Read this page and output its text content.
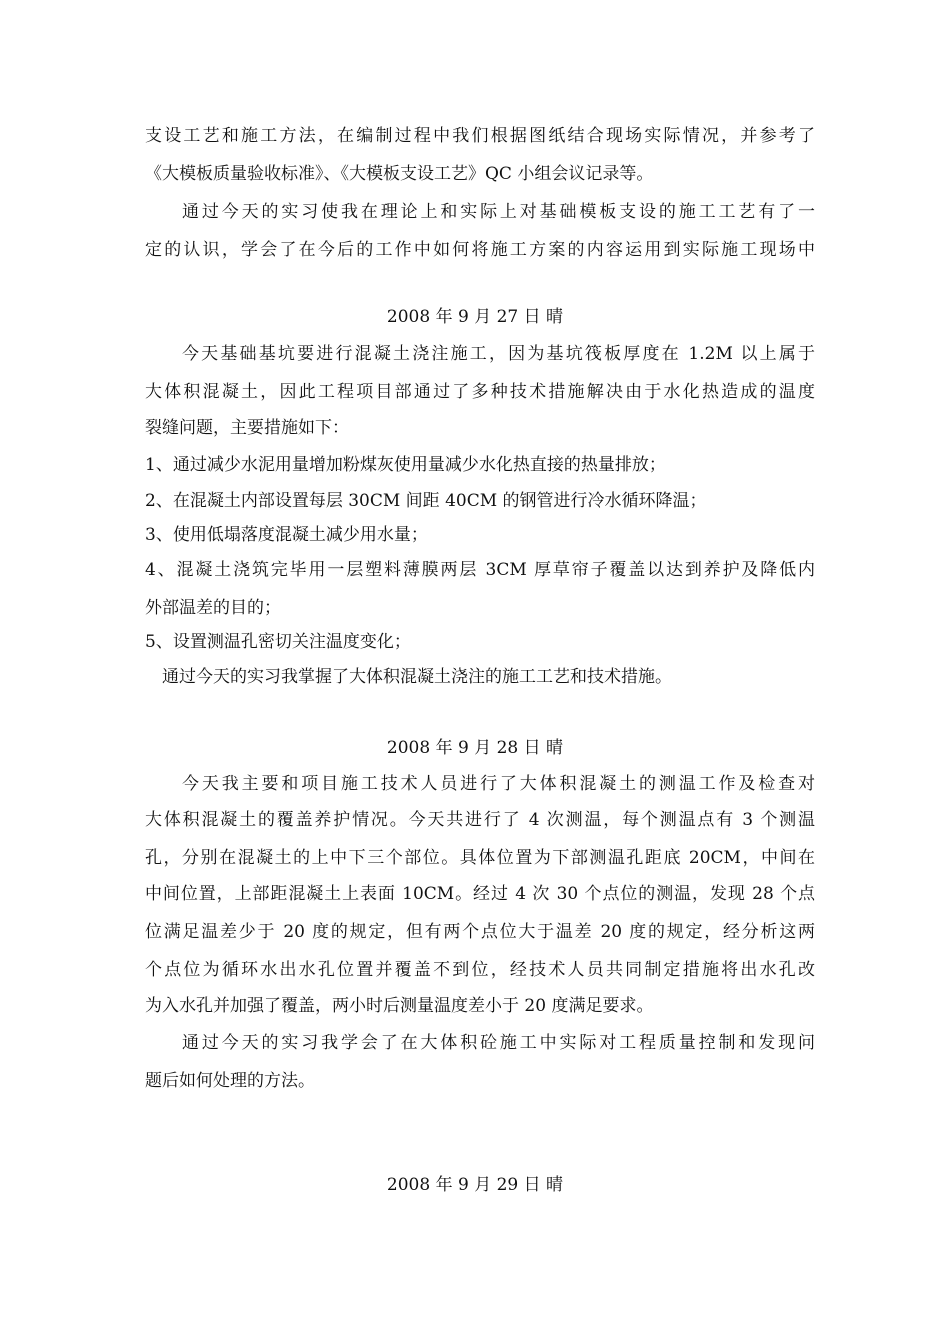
支设工艺和施工方法，在编制过程中我们根据图纸结合现场实际情况，并参考了
《大模板质量验收标准》、《大模板支设工艺》QC 小组会议记录等。
通过今天的实习使我在理论上和实际上对基础模板支设的施工工艺有了一
定的认识，学会了在今后的工作中如何将施工方案的内容运用到实际施工现场中
2008 年 9 月 27 日 晴
今天基础基坑要进行混凝土浇注施工，因为基坑筏板厚度在 1.2M 以上属于
大体积混凝土，因此工程项目部通过了多种技术措施解决由于水化热造成的温度
裂缝问题，主要措施如下：
1、通过减少水泥用量增加粉煤灰使用量减少水化热直接的热量排放；
2、在混凝土内部设置每层 30CM 间距 40CM 的钢管进行冷水循环降温；
3、使用低塌落度混凝土减少用水量；
4、混凝土浇筑完毕用一层塑料薄膜两层 3CM 厚草帘子覆盖以达到养护及降低内
外部温差的目的；
5、设置测温孔密切关注温度变化；
通过今天的实习我掌握了大体积混凝土浇注的施工工艺和技术措施。
2008 年 9 月 28 日 晴
今天我主要和项目施工技术人员进行了大体积混凝土的测温工作及检查对
大体积混凝土的覆盖养护情况。今天共进行了 4 次测温，每个测温点有 3 个测温
孔，分别在混凝土的上中下三个部位。具体位置为下部测温孔距底 20CM，中间在
中间位置，上部距混凝土上表面 10CM。经过 4 次 30 个点位的测温，发现 28 个点
位满足温差少于 20 度的规定，但有两个点位大于温差 20 度的规定，经分析这两
个点位为循环水出水孔位置并覆盖不到位，经技术人员共同制定措施将出水孔改
为入水孔并加强了覆盖，两小时后测量温度差小于 20 度满足要求。
通过今天的实习我学会了在大体积砼施工中实际对工程质量控制和发现问
题后如何处理的方法。
2008 年 9 月 29 日 晴
